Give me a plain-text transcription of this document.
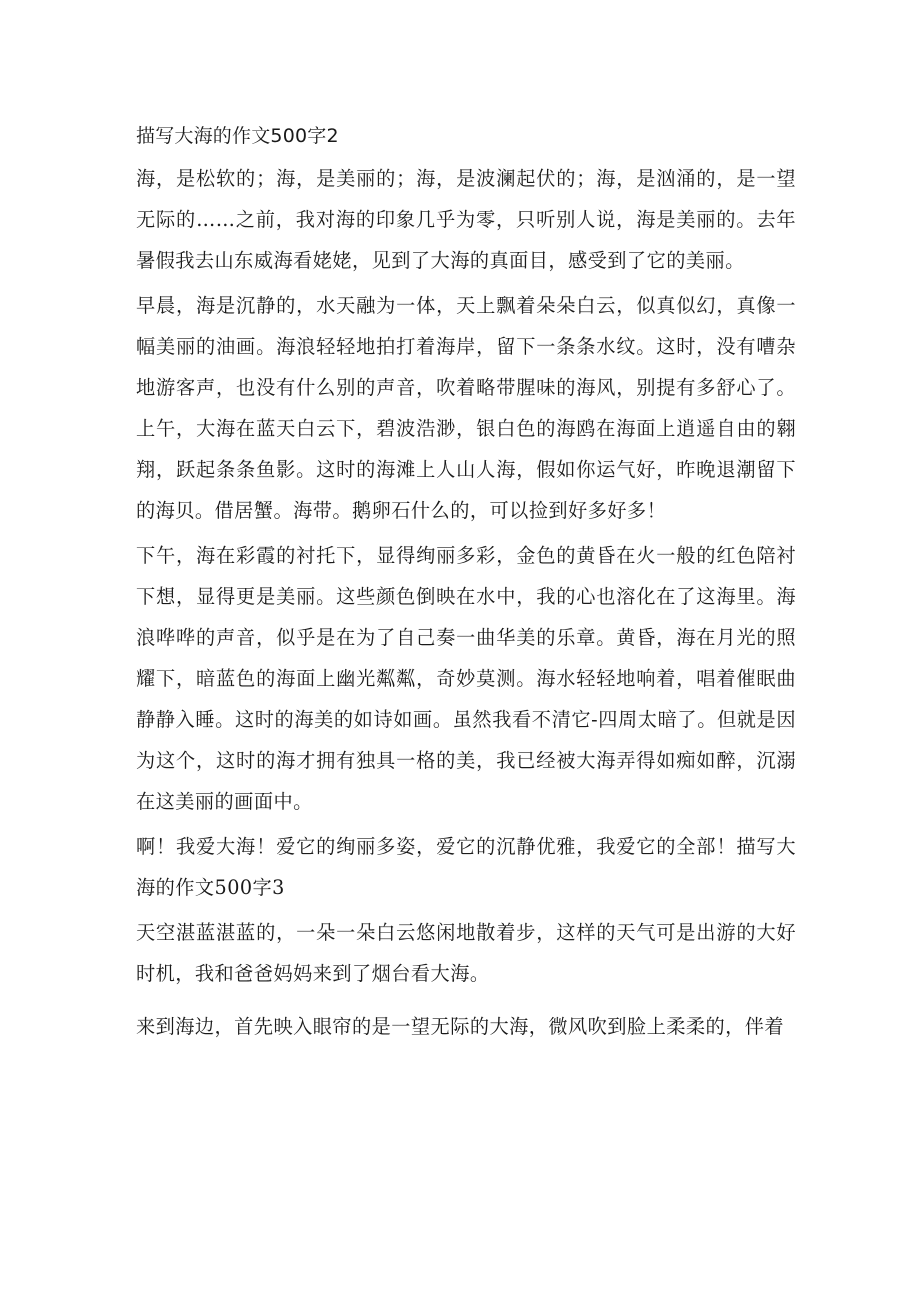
描写大海的作文500字2

海，是松软的；海，是美丽的；海，是波澜起伏的；海，是汹涌的，是一望无际的……之前，我对海的印象几乎为零，只听别人说，海是美丽的。去年暑假我去山东威海看姥姥，见到了大海的真面目，感受到了它的美丽。

早晨，海是沉静的，水天融为一体，天上飘着朵朵白云，似真似幻，真像一幅美丽的油画。海浪轻轻地拍打着海岸，留下一条条水纹。这时，没有嘈杂地游客声，也没有什么别的声音，吹着略带腥味的海风，别提有多舒心了。上午，大海在蓝天白云下，碧波浩渺，银白色的海鸥在海面上逍遥自由的翱翔，跃起条条鱼影。这时的海滩上人山人海，假如你运气好，昨晚退潮留下的海贝。借居蟹。海带。鹅卵石什么的，可以捡到好多好多！

下午，海在彩霞的衬托下，显得绚丽多彩，金色的黄昏在火一般的红色陪衬下想，显得更是美丽。这些颜色倒映在水中，我的心也溶化在了这海里。海浪哗哗的声音，似乎是在为了自己奏一曲华美的乐章。黄昏，海在月光的照耀下，暗蓝色的海面上幽光粼粼，奇妙莫测。海水轻轻地响着，唱着催眠曲静静入睡。这时的海美的如诗如画。虽然我看不清它-四周太暗了。但就是因为这个，这时的海才拥有独具一格的美，我已经被大海弄得如痴如醉，沉溺在这美丽的画面中。

啊！我爱大海！爱它的绚丽多姿，爱它的沉静优雅，我爱它的全部！描写大海的作文500字3

天空湛蓝湛蓝的，一朵一朵白云悠闲地散着步，这样的天气可是出游的大好时机，我和爸爸妈妈来到了烟台看大海。

来到海边，首先映入眼帘的是一望无际的大海，微风吹到脸上柔柔的，伴着
